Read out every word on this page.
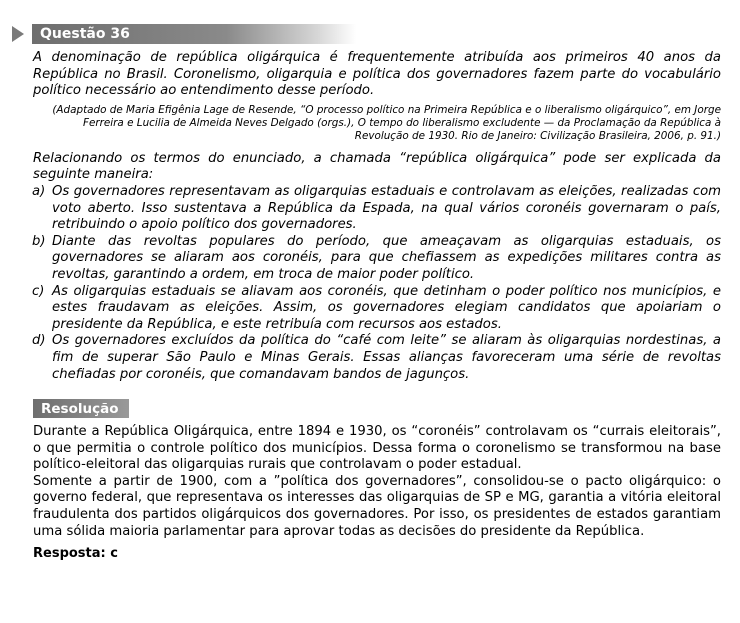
Questão 36

A denominação de república oligárquica é frequentemente atribuída aos primeiros 40 anos da República no Brasil. Coronelismo, oligarquia e política dos governadores fazem parte do vocabulário político necessário ao entendimento desse período.

(Adaptado de Maria Efigênia Lage de Resende, “O processo político na Primeira República e o liberalismo oligárquico”, em Jorge Ferreira e Lucilia de Almeida Neves Delgado (orgs.), O tempo do liberalismo excludente — da Proclamação da República à Revolução de 1930. Rio de Janeiro: Civilização Brasileira, 2006, p. 91.)

Relacionando os termos do enunciado, a chamada “república oligárquica” pode ser explicada da seguinte maneira:

a) Os governadores representavam as oligarquias estaduais e controlavam as eleições, realizadas com voto aberto. Isso sustentava a República da Espada, na qual vários coronéis governaram o país, retribuindo o apoio político dos governadores.
b) Diante das revoltas populares do período, que ameaçavam as oligarquias estaduais, os governadores se aliaram aos coronéis, para que chefiassem as expedições militares contra as revoltas, garantindo a ordem, em troca de maior poder político.
c) As oligarquias estaduais se aliavam aos coronéis, que detinham o poder político nos municípios, e estes fraudavam as eleições. Assim, os governadores elegiam candidatos que apoiariam o presidente da República, e este retribuía com recursos aos estados.
d) Os governadores excluídos da política do “café com leite” se aliaram às oligarquias nordestinas, a fim de superar São Paulo e Minas Gerais. Essas alianças favoreceram uma série de revoltas chefiadas por coronéis, que comandavam bandos de jagunços.
Resolução

Durante a República Oligárquica, entre 1894 e 1930, os “coronéis” controlavam os “currais eleitorais”, o que permitia o controle político dos municípios. Dessa forma o coronelismo se transformou na base político-eleitoral das oligarquias rurais que controlavam o poder estadual.

Somente a partir de 1900, com a ”política dos governadores”, consolidou-se o pacto oligárquico: o governo federal, que representava os interesses das oligarquias de SP e MG, garantia a vitória eleitoral fraudulenta dos partidos oligárquicos dos governadores. Por isso, os presidentes de estados garantiam uma sólida maioria parlamentar para aprovar todas as decisões do presidente da República.

Resposta: c
